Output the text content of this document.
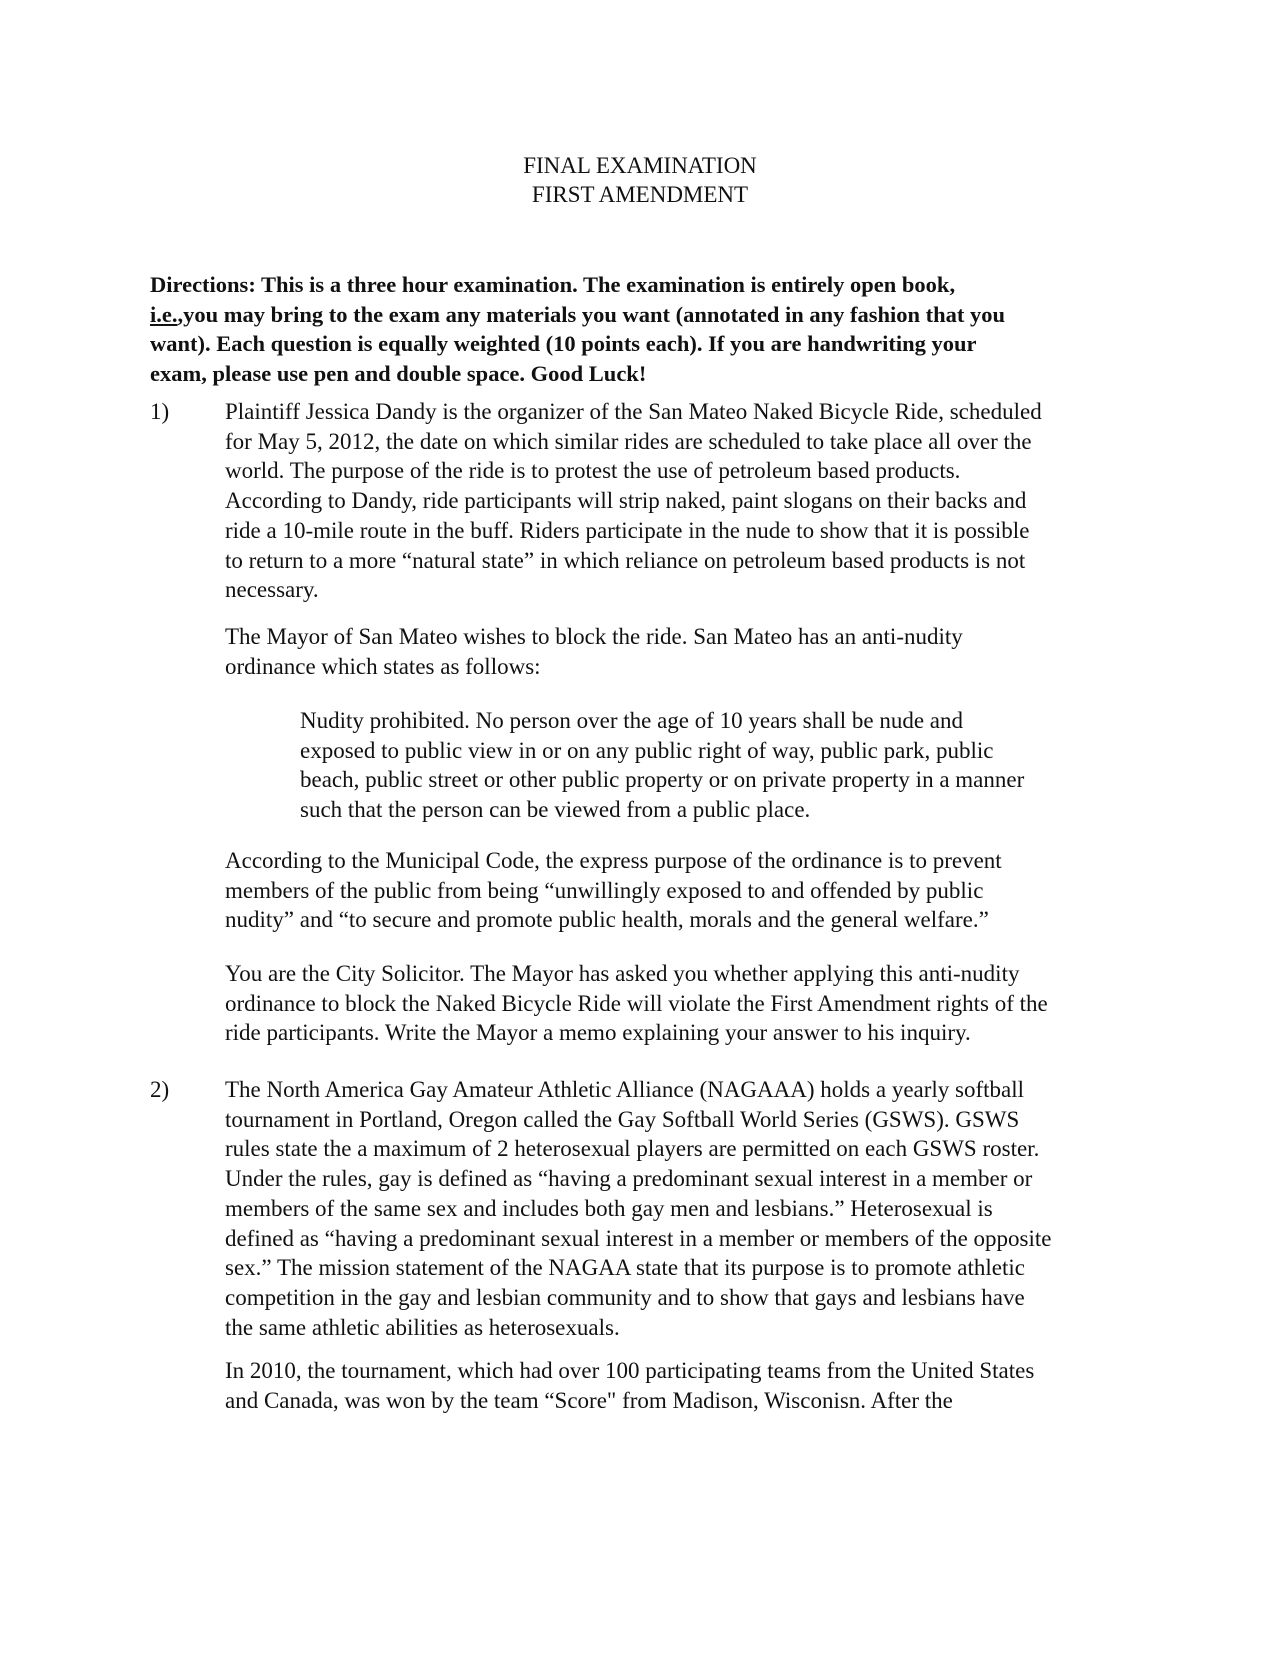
FINAL EXAMINATION
FIRST AMENDMENT

Directions: This is a three hour examination. The examination is entirely open book,
i.e.,you may bring to the exam any materials you want (annotated in any fashion that you
want). Each question is equally weighted (10 points each). If you are handwriting your
exam, please use pen and double space. Good Luck!

1) Plaintiff Jessica Dandy is the organizer of the San Mateo Naked Bicycle Ride, scheduled
for May 5, 2012, the date on which similar rides are scheduled to take place all over the
world. The purpose of the ride is to protest the use of petroleum based products.
According to Dandy, ride participants will strip naked, paint slogans on their backs and
ride a 10-mile route in the buff. Riders participate in the nude to show that it is possible
to return to a more “natural state” in which reliance on petroleum based products is not
necessary.

The Mayor of San Mateo wishes to block the ride. San Mateo has an anti-nudity
ordinance which states as follows:

Nudity prohibited. No person over the age of 10 years shall be nude and
exposed to public view in or on any public right of way, public park, public
beach, public street or other public property or on private property in a manner
such that the person can be viewed from a public place.

According to the Municipal Code, the express purpose of the ordinance is to prevent
members of the public from being “unwillingly exposed to and offended by public
nudity” and “to secure and promote public health, morals and the general welfare.”

You are the City Solicitor. The Mayor has asked you whether applying this anti-nudity
ordinance to block the Naked Bicycle Ride will violate the First Amendment rights of the
ride participants. Write the Mayor a memo explaining your answer to his inquiry.

2) The North America Gay Amateur Athletic Alliance (NAGAAA) holds a yearly softball
tournament in Portland, Oregon called the Gay Softball World Series (GSWS). GSWS
rules state the a maximum of 2 heterosexual players are permitted on each GSWS roster.
Under the rules, gay is defined as “having a predominant sexual interest in a member or
members of the same sex and includes both gay men and lesbians.” Heterosexual is
defined as “having a predominant sexual interest in a member or members of the opposite
sex.” The mission statement of the NAGAA state that its purpose is to promote athletic
competition in the gay and lesbian community and to show that gays and lesbians have
the same athletic abilities as heterosexuals.

In 2010, the tournament, which had over 100 participating teams from the United States
and Canada, was won by the team “Score" from Madison, Wisconisn. After the
